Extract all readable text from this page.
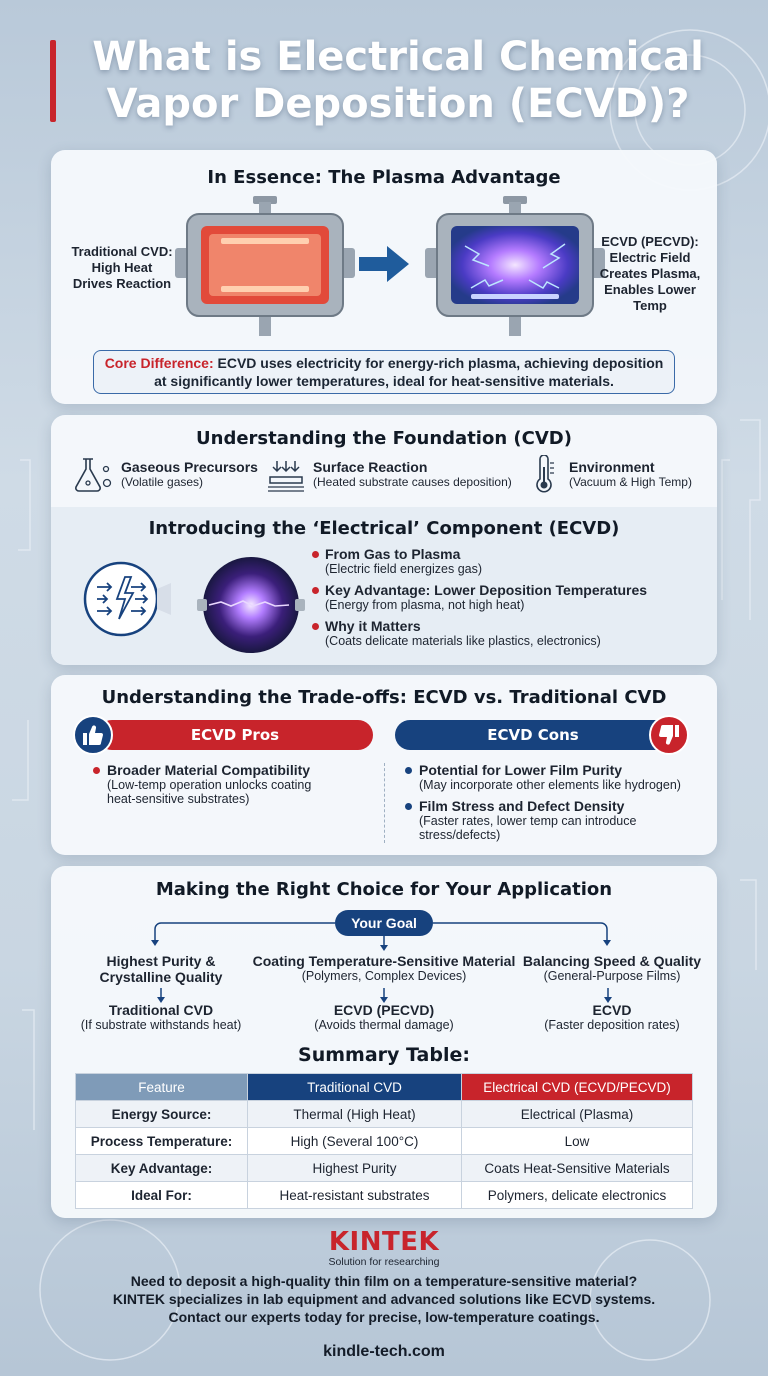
What is Electrical Chemical Vapor Deposition (ECVD)?
In Essence: The Plasma Advantage
Traditional CVD:
High Heat
Drives Reaction
ECVD (PECVD):
Electric Field
Creates Plasma,
Enables Lower
Temp
Core Difference: ECVD uses electricity for energy-rich plasma, achieving deposition
at significantly lower temperatures, ideal for heat-sensitive materials.
Understanding the Foundation (CVD)
Gaseous Precursors
(Volatile gases)
Surface Reaction
(Heated substrate causes deposition)
Environment
(Vacuum & High Temp)
Introducing the ‘Electrical’ Component (ECVD)
From Gas to Plasma
(Electric field energizes gas)
Key Advantage: Lower Deposition Temperatures
(Energy from plasma, not high heat)
Why it Matters
(Coats delicate materials like plastics, electronics)
Understanding the Trade-offs: ECVD vs. Traditional CVD
ECVD Pros	ECVD Cons
Broader Material Compatibility
(Low-temp operation unlocks coating
heat-sensitive substrates)
Potential for Lower Film Purity
(May incorporate other elements like hydrogen)
Film Stress and Defect Density
(Faster rates, lower temp can introduce
stress/defects)
Making the Right Choice for Your Application
Your Goal
Highest Purity &
Crystalline Quality
Traditional CVD
(If substrate withstands heat)
Coating Temperature-Sensitive Material
(Polymers, Complex Devices)
ECVD (PECVD)
(Avoids thermal damage)
Balancing Speed & Quality
(General-Purpose Films)
ECVD
(Faster deposition rates)
Summary Table:
Feature	Traditional CVD	Electrical CVD (ECVD/PECVD)
Energy Source:	Thermal (High Heat)	Electrical (Plasma)
Process Temperature:	High (Several 100°C)	Low
Key Advantage:	Highest Purity	Coats Heat-Sensitive Materials
Ideal For:	Heat-resistant substrates	Polymers, delicate electronics
KINTEK
Solution for researching
Need to deposit a high-quality thin film on a temperature-sensitive material?
KINTEK specializes in lab equipment and advanced solutions like ECVD systems.
Contact our experts today for precise, low-temperature coatings.
kindle-tech.com
